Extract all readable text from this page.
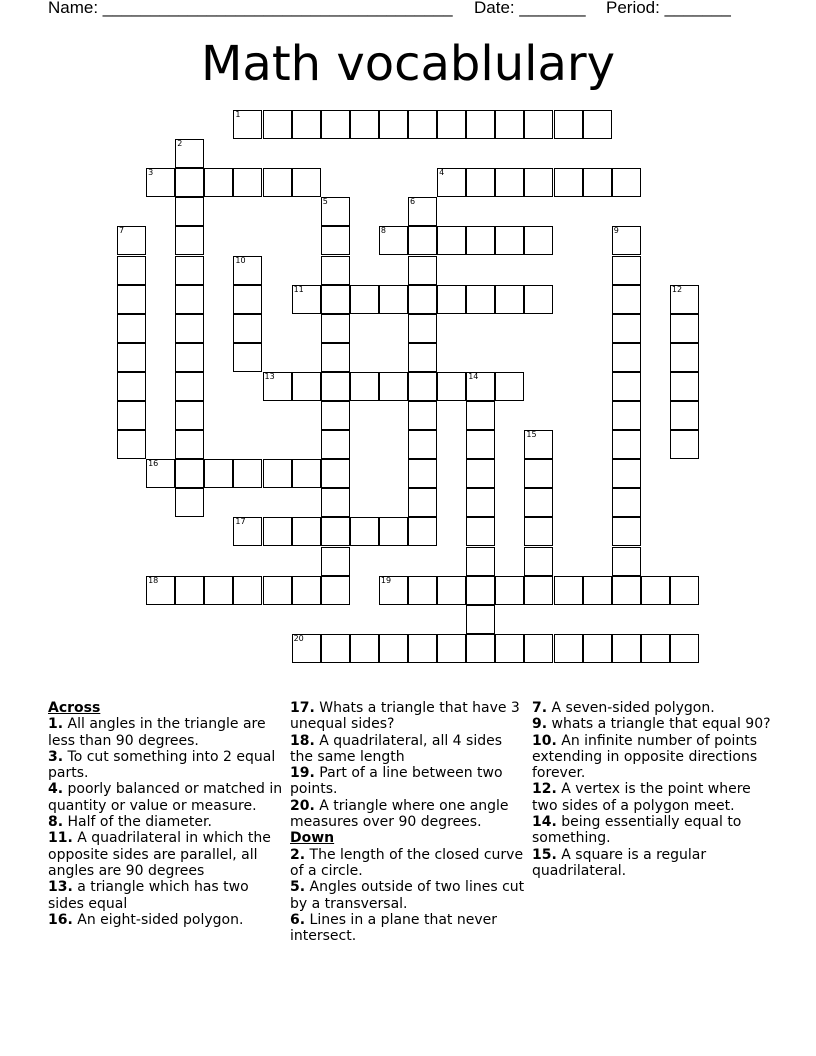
Name: _____________________________________ Date: _______ Period: _______
Math vocablulary
1
2
3	4
5	6
7	8	9
10
11	12
13	14
15
16
17
18	19
20

Across

1. All angles in the triangle are less than 90 degrees.

3. To cut something into 2 equal parts.

4. poorly balanced or matched in quantity or value or measure.

8. Half of the diameter.

11. A quadrilateral in which the opposite sides are parallel, all angles are 90 degrees

13. a triangle which has two sides equal

16. An eight-sided polygon.

17. Whats a triangle that have 3 unequal sides?

18. A quadrilateral, all 4 sides the same length

19. Part of a line between two points.

20. A triangle where one angle measures over 90 degrees.

Down

2. The length of the closed curve of a circle.

5. Angles outside of two lines cut by a transversal.

6. Lines in a plane that never intersect.

7. A seven-sided polygon.

9. whats a triangle that equal 90?

10. An infinite number of points extending in opposite directions forever.

12. A vertex is the point where two sides of a polygon meet.

14. being essentially equal to something.

15. A square is a regular quadrilateral.
